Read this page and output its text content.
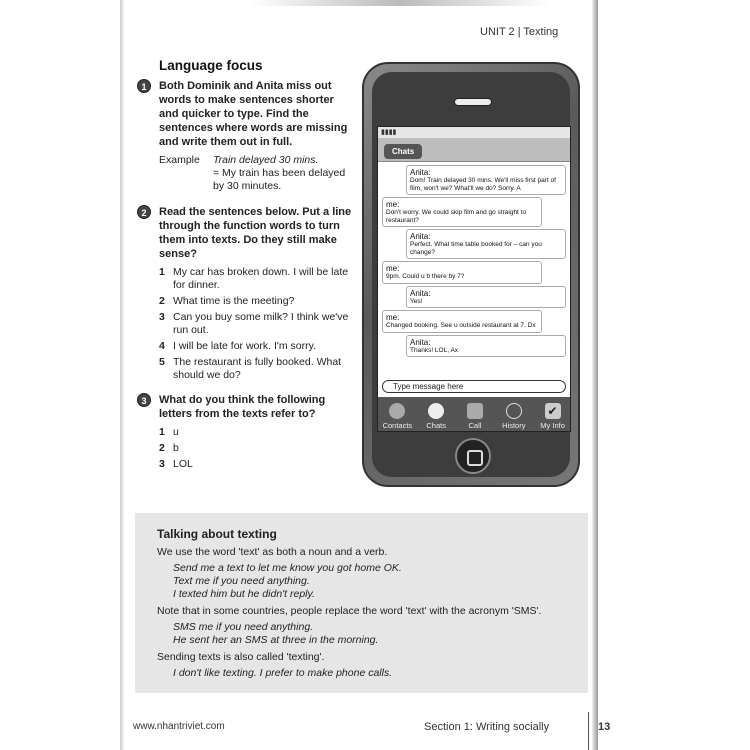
UNIT 2 | Texting
Language focus
1	Both Dominik and Anita miss out words to make sentences shorter and quicker to type. Find the sentences where words are missing and write them out in full.
Example	Train delayed 30 mins.
= My train has been delayed by 30 minutes.
2	Read the sentences below. Put a line through the function words to turn them into texts. Do they still make sense?
1 My car has broken down. I will be late for dinner.
2 What time is the meeting?
3 Can you buy some milk? I think we've run out.
4 I will be late for work. I'm sorry.
5 The restaurant is fully booked. What should we do?
3	What do you think the following letters from the texts refer to?
1 u
2 b
3 LOL
▮▮▮▮
Chats
Anita:
Dom! Train delayed 30 mins. We'll miss first part of film, won't we? What'll we do? Sorry. A
me:
Don't worry. We could skip film and go straight to restaurant?
Anita:
Perfect. What time table booked for – can you change?
me:
9pm. Could u b there by 7?
Anita:
Yes!
me:
Changed booking. See u outside restaurant at 7. Dx
Anita:
Thanks! LOL, Ax
Type message here
Contacts	Chats	Call	History
✔
My Info
Talking about texting
We use the word 'text' as both a noun and a verb.
Send me a text to let me know you got home OK.
Text me if you need anything.
I texted him but he didn't reply.
Note that in some countries, people replace the word 'text' with the acronym 'SMS'.
SMS me if you need anything.
He sent her an SMS at three in the morning.
Sending texts is also called 'texting'.
I don't like texting. I prefer to make phone calls.
www.nhantriviet.com	Section 1: Writing socially	13
